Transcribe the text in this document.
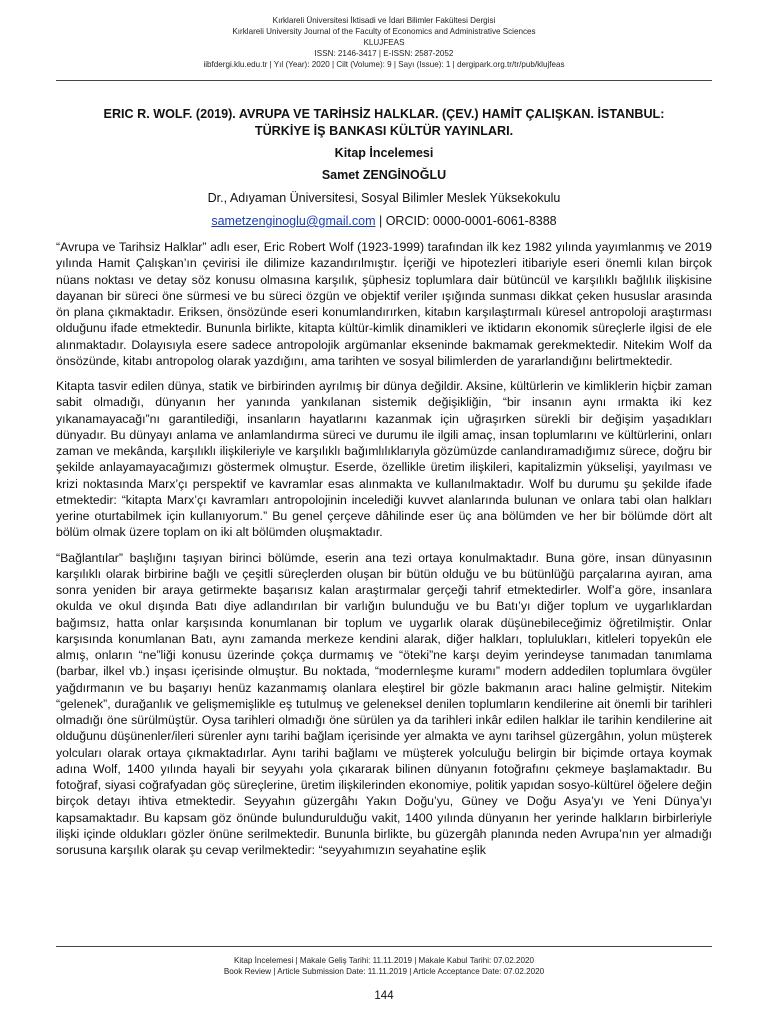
Kırklareli Üniversitesi İktisadi ve İdari Bilimler Fakültesi Dergisi
Kırklareli University Journal of the Faculty of Economics and Administrative Sciences
KLUJFEAS
ISSN: 2146-3417 | E-ISSN: 2587-2052
iibfdergi.klu.edu.tr | Yıl (Year): 2020 | Cilt (Volume): 9 | Sayı (Issue): 1 | dergipark.org.tr/tr/pub/klujfeas
ERIC R. WOLF. (2019). AVRUPA VE TARİHSİZ HALKLAR. (ÇEV.) HAMİT ÇALIŞKAN. İSTANBUL:
TÜRKİYE İŞ BANKASI KÜLTÜR YAYINLARI.
Kitap İncelemesi
Samet ZENGİNOĞLU
Dr., Adıyaman Üniversitesi, Sosyal Bilimler Meslek Yüksekokulu
sametzenginoglu@gmail.com | ORCID: 0000-0001-6061-8388

“Avrupa ve Tarihsiz Halklar” adlı eser, Eric Robert Wolf (1923-1999) tarafından ilk kez 1982 yılında yayımlanmış ve 2019 yılında Hamit Çalışkan’ın çevirisi ile dilimize kazandırılmıştır. İçeriği ve hipotezleri itibariyle eseri önemli kılan birçok nüans noktası ve detay söz konusu olmasına karşılık, şüphesiz toplumlara dair bütüncül ve karşılıklı bağlılık ilişkisine dayanan bir süreci öne sürmesi ve bu süreci özgün ve objektif veriler ışığında sunması dikkat çeken hususlar arasında ön plana çıkmaktadır. Eriksen, önsözünde eseri konumlandırırken, kitabın karşılaştırmalı küresel antropoloji araştırması olduğunu ifade etmektedir. Bununla birlikte, kitapta kültür-kimlik dinamikleri ve iktidarın ekonomik süreçlerle ilgisi de ele alınmaktadır. Dolayısıyla esere sadece antropolojik argümanlar ekseninde bakmamak gerekmektedir. Nitekim Wolf da önsözünde, kitabı antropolog olarak yazdığını, ama tarihten ve sosyal bilimlerden de yararlandığını belirtmektedir.

Kitapta tasvir edilen dünya, statik ve birbirinden ayrılmış bir dünya değildir. Aksine, kültürlerin ve kimliklerin hiçbir zaman sabit olmadığı, dünyanın her yanında yankılanan sistemik değişikliğin, “bir insanın aynı ırmakta iki kez yıkanamayacağı”nı garantilediği, insanların hayatlarını kazanmak için uğraşırken sürekli bir değişim yaşadıkları dünyadır. Bu dünyayı anlama ve anlamlandırma süreci ve durumu ile ilgili amaç, insan toplumlarını ve kültürlerini, onları zaman ve mekânda, karşılıklı ilişkileriyle ve karşılıklı bağımlılıklarıyla gözümüzde canlandıramadığımız sürece, doğru bir şekilde anlayamayacağımızı göstermek olmuştur. Eserde, özellikle üretim ilişkileri, kapitalizmin yükselişi, yayılması ve krizi noktasında Marx’çı perspektif ve kavramlar esas alınmakta ve kullanılmaktadır. Wolf bu durumu şu şekilde ifade etmektedir: “kitapta Marx’çı kavramları antropolojinin incelediği kuvvet alanlarında bulunan ve onlara tabi olan halkları yerine oturtabilmek için kullanıyorum.” Bu genel çerçeve dâhilinde eser üç ana bölümden ve her bir bölümde dört alt bölüm olmak üzere toplam on iki alt bölümden oluşmaktadır.

“Bağlantılar” başlığını taşıyan birinci bölümde, eserin ana tezi ortaya konulmaktadır. Buna göre, insan dünyasının karşılıklı olarak birbirine bağlı ve çeşitli süreçlerden oluşan bir bütün olduğu ve bu bütünlüğü parçalarına ayıran, ama sonra yeniden bir araya getirmekte başarısız kalan araştırmalar gerçeği tahrif etmektedirler. Wolf’a göre, insanlara okulda ve okul dışında Batı diye adlandırılan bir varlığın bulunduğu ve bu Batı’yı diğer toplum ve uygarlıklardan bağımsız, hatta onlar karşısında konumlanan bir toplum ve uygarlık olarak düşünebileceğimiz öğretilmiştir. Onlar karşısında konumlanan Batı, aynı zamanda merkeze kendini alarak, diğer halkları, toplulukları, kitleleri topyekûn ele almış, onların “ne”liği konusu üzerinde çokça durmamış ve “öteki”ne karşı deyim yerindeyse tanımadan tanımlama (barbar, ilkel vb.) inşası içerisinde olmuştur. Bu noktada, “modernleşme kuramı” modern addedilen toplumlara övgüler yağdırmanın ve bu başarıyı henüz kazanmamış olanlara eleştirel bir gözle bakmanın aracı haline gelmiştir. Nitekim “gelenek”, durağanlık ve gelişmemişlikle eş tutulmuş ve geleneksel denilen toplumların kendilerine ait önemli bir tarihleri olmadığı öne sürülmüştür. Oysa tarihleri olmadığı öne sürülen ya da tarihleri inkâr edilen halklar ile tarihin kendilerine ait olduğunu düşünenler/ileri sürenler aynı tarihi bağlam içerisinde yer almakta ve aynı tarihsel güzergâhın, yolun müşterek yolcuları olarak ortaya çıkmaktadırlar. Aynı tarihi bağlamı ve müşterek yolculuğu belirgin bir biçimde ortaya koymak adına Wolf, 1400 yılında hayali bir seyyahı yola çıkararak bilinen dünyanın fotoğrafını çekmeye başlamaktadır. Bu fotoğraf, siyasi coğrafyadan göç süreçlerine, üretim ilişkilerinden ekonomiye, politik yapıdan sosyo-kültürel öğelere değin birçok detayı ihtiva etmektedir. Seyyahın güzergâhı Yakın Doğu’yu, Güney ve Doğu Asya’yı ve Yeni Dünya’yı kapsamaktadır. Bu kapsam göz önünde bulundurulduğu vakit, 1400 yılında dünyanın her yerinde halkların birbirleriyle ilişki içinde oldukları gözler önüne serilmektedir. Bununla birlikte, bu güzergâh planında neden Avrupa’nın yer almadığı sorusuna karşılık olarak şu cevap verilmektedir: “seyyahımızın seyahatine eşlik

Kitap İncelemesi | Makale Geliş Tarihi: 11.11.2019 | Makale Kabul Tarihi: 07.02.2020
Book Review | Article Submission Date: 11.11.2019 | Article Acceptance Date: 07.02.2020
144
